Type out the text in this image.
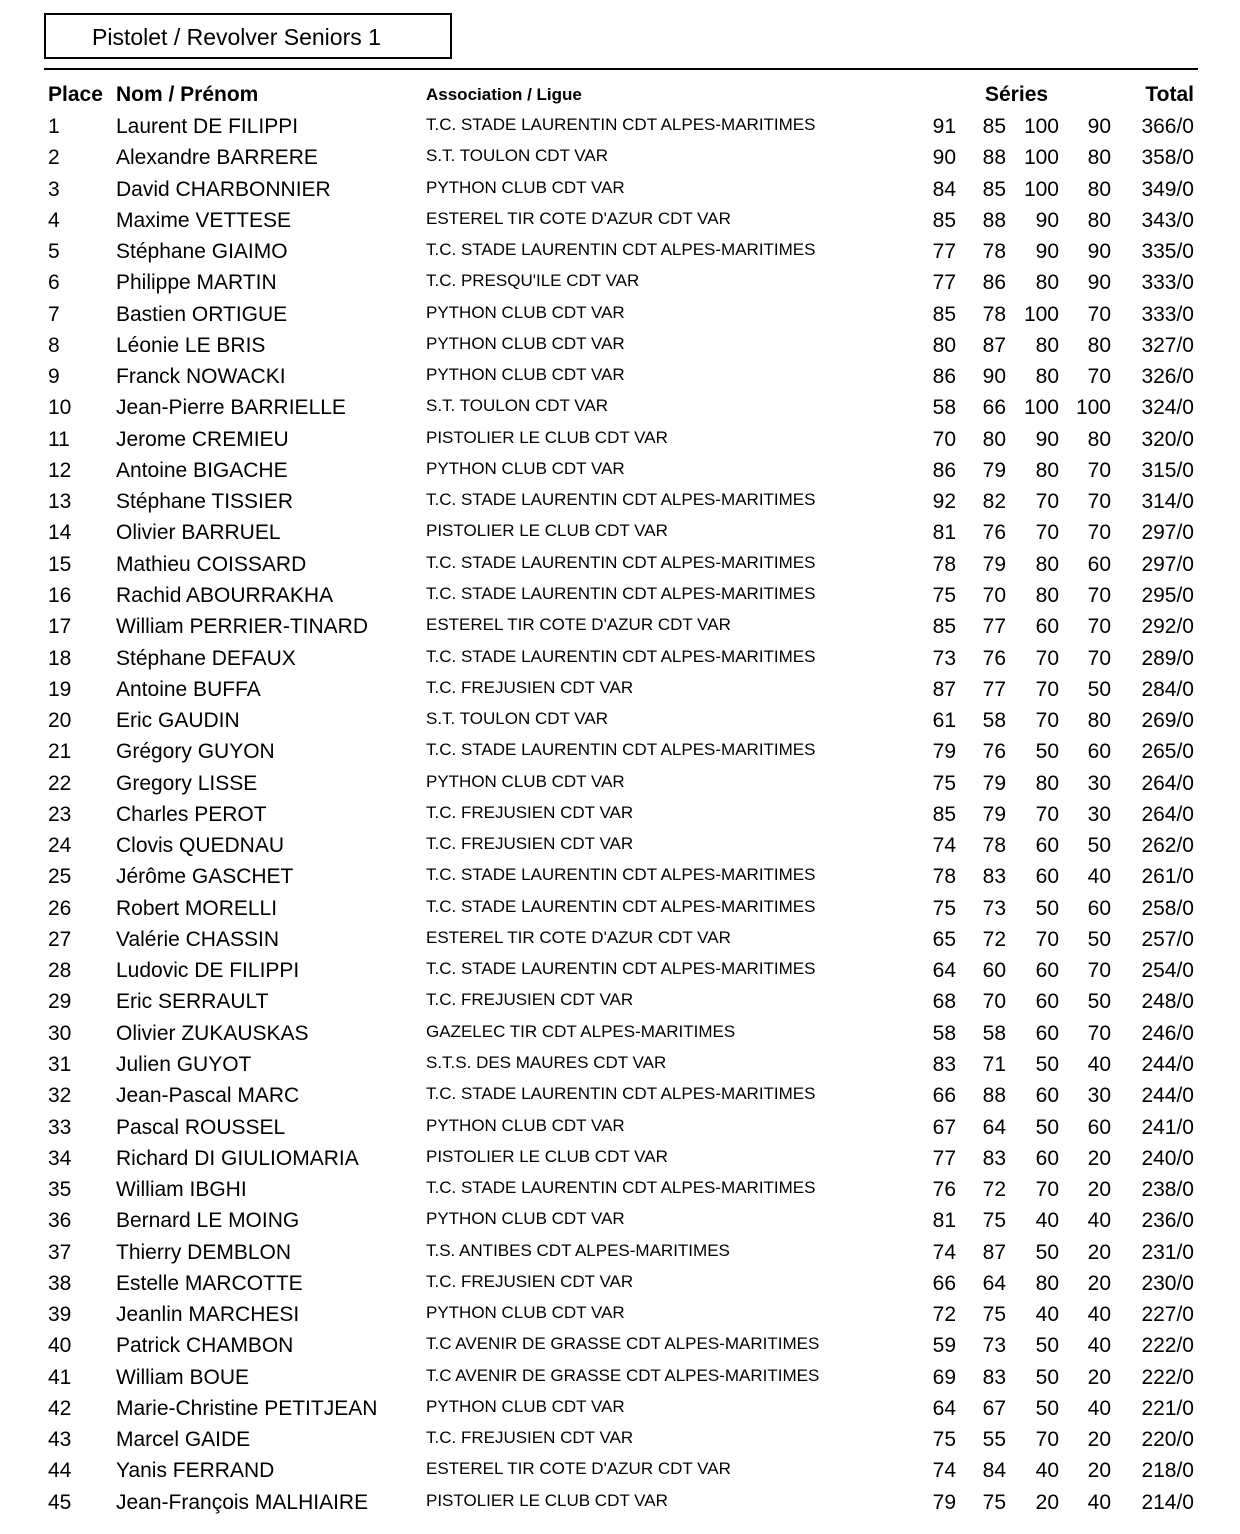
Pistolet / Revolver Seniors 1
Place Nom / Prénom	Association / Ligue	Séries	Total
1	Laurent DE FILIPPI	T.C. STADE LAURENTIN CDT ALPES-MARITIMES	91 85 100 90 366/0
2	Alexandre BARRERE	S.T. TOULON CDT VAR	90 88 100 80 358/0
3	David CHARBONNIER	PYTHON CLUB CDT VAR	84 85 100 80 349/0
4	Maxime VETTESE	ESTEREL TIR COTE D'AZUR CDT VAR	85 88 90 80 343/0
5	Stéphane GIAIMO	T.C. STADE LAURENTIN CDT ALPES-MARITIMES	77 78 90 90 335/0
6	Philippe MARTIN	T.C. PRESQU'ILE CDT VAR	77 86 80 90 333/0
7	Bastien ORTIGUE	PYTHON CLUB CDT VAR	85 78 100 70 333/0
8	Léonie LE BRIS	PYTHON CLUB CDT VAR	80 87 80 80 327/0
9	Franck NOWACKI	PYTHON CLUB CDT VAR	86 90 80 70 326/0
10 Jean-Pierre BARRIELLE	S.T. TOULON CDT VAR	58 66 100 100 324/0
11 Jerome CREMIEU	PISTOLIER LE CLUB CDT VAR	70 80 90 80 320/0
12 Antoine BIGACHE	PYTHON CLUB CDT VAR	86 79 80 70 315/0
13 Stéphane TISSIER	T.C. STADE LAURENTIN CDT ALPES-MARITIMES	92 82 70 70 314/0
14 Olivier BARRUEL	PISTOLIER LE CLUB CDT VAR	81 76 70 70 297/0
15 Mathieu COISSARD	T.C. STADE LAURENTIN CDT ALPES-MARITIMES	78 79 80 60 297/0
16 Rachid ABOURRAKHA	T.C. STADE LAURENTIN CDT ALPES-MARITIMES	75 70 80 70 295/0
17 William PERRIER-TINARD	ESTEREL TIR COTE D'AZUR CDT VAR	85 77 60 70 292/0
18 Stéphane DEFAUX	T.C. STADE LAURENTIN CDT ALPES-MARITIMES	73 76 70 70 289/0
19 Antoine BUFFA	T.C. FREJUSIEN CDT VAR	87 77 70 50 284/0
20 Eric GAUDIN	S.T. TOULON CDT VAR	61 58 70 80 269/0
21 Grégory GUYON	T.C. STADE LAURENTIN CDT ALPES-MARITIMES	79 76 50 60 265/0
22 Gregory LISSE	PYTHON CLUB CDT VAR	75 79 80 30 264/0
23 Charles PEROT	T.C. FREJUSIEN CDT VAR	85 79 70 30 264/0
24 Clovis QUEDNAU	T.C. FREJUSIEN CDT VAR	74 78 60 50 262/0
25 Jérôme GASCHET	T.C. STADE LAURENTIN CDT ALPES-MARITIMES	78 83 60 40 261/0
26 Robert MORELLI	T.C. STADE LAURENTIN CDT ALPES-MARITIMES	75 73 50 60 258/0
27 Valérie CHASSIN	ESTEREL TIR COTE D'AZUR CDT VAR	65 72 70 50 257/0
28 Ludovic DE FILIPPI	T.C. STADE LAURENTIN CDT ALPES-MARITIMES	64 60 60 70 254/0
29 Eric SERRAULT	T.C. FREJUSIEN CDT VAR	68 70 60 50 248/0
30 Olivier ZUKAUSKAS	GAZELEC TIR CDT ALPES-MARITIMES	58 58 60 70 246/0
31 Julien GUYOT	S.T.S. DES MAURES CDT VAR	83 71 50 40 244/0
32 Jean-Pascal MARC	T.C. STADE LAURENTIN CDT ALPES-MARITIMES	66 88 60 30 244/0
33 Pascal ROUSSEL	PYTHON CLUB CDT VAR	67 64 50 60 241/0
34 Richard DI GIULIOMARIA	PISTOLIER LE CLUB CDT VAR	77 83 60 20 240/0
35 William IBGHI	T.C. STADE LAURENTIN CDT ALPES-MARITIMES	76 72 70 20 238/0
36 Bernard LE MOING	PYTHON CLUB CDT VAR	81 75 40 40 236/0
37 Thierry DEMBLON	T.S. ANTIBES CDT ALPES-MARITIMES	74 87 50 20 231/0
38 Estelle MARCOTTE	T.C. FREJUSIEN CDT VAR	66 64 80 20 230/0
39 Jeanlin MARCHESI	PYTHON CLUB CDT VAR	72 75 40 40 227/0
40 Patrick CHAMBON	T.C AVENIR DE GRASSE CDT ALPES-MARITIMES	59 73 50 40 222/0
41 William BOUE	T.C AVENIR DE GRASSE CDT ALPES-MARITIMES	69 83 50 20 222/0
42 Marie-Christine PETITJEAN	PYTHON CLUB CDT VAR	64 67 50 40 221/0
43 Marcel GAIDE	T.C. FREJUSIEN CDT VAR	75 55 70 20 220/0
44 Yanis FERRAND	ESTEREL TIR COTE D'AZUR CDT VAR	74 84 40 20 218/0
45 Jean-François MALHIAIRE	PISTOLIER LE CLUB CDT VAR	79 75 20 40 214/0
